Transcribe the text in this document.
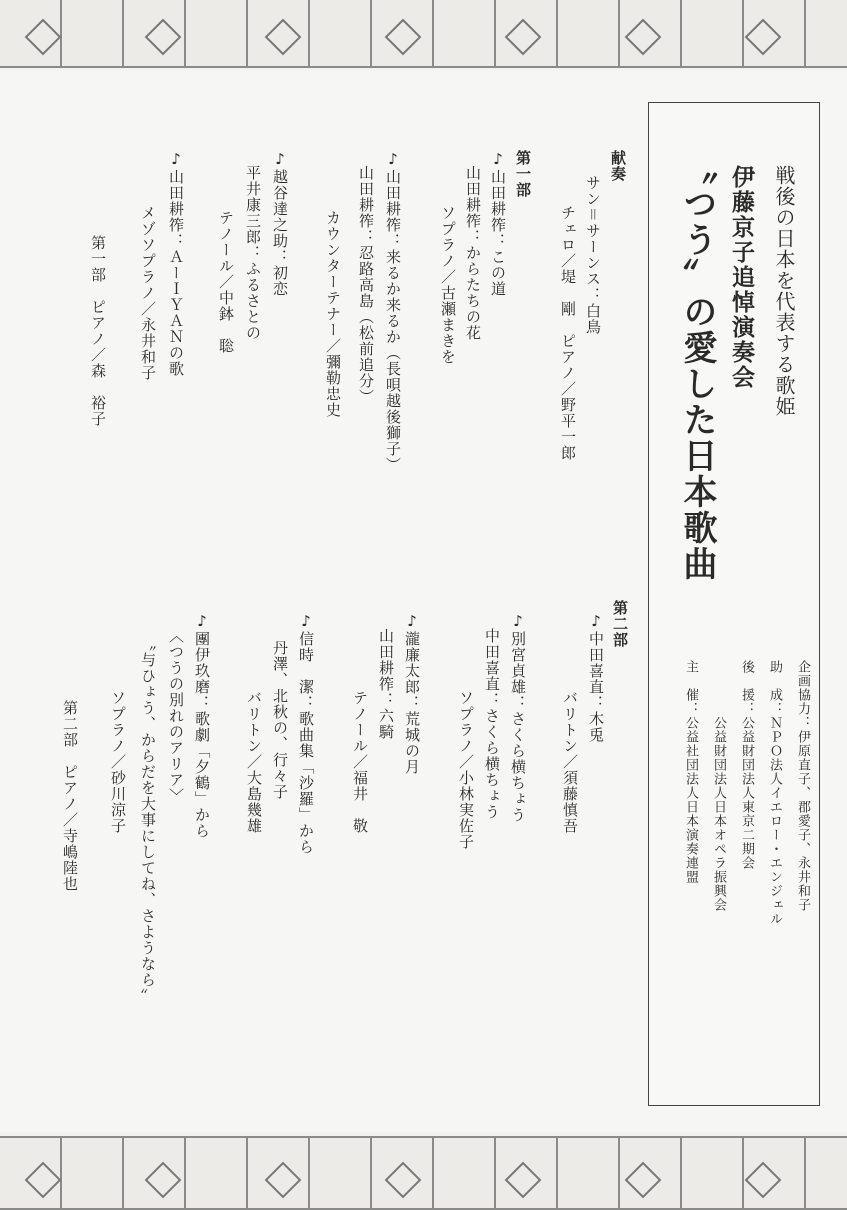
戦後の日本を代表する歌姫
伊藤京子追悼演奏会
〝つう〟の愛した日本歌曲
企画協力：伊原直子、郡愛子、永井和子
助　成：ＮＰＯ法人イエロー・エンジェル
後　援：公益財団法人東京二期会
　　　　公益財団法人日本オペラ振興会
主　催：公益社団法人日本演奏連盟
献奏
サン＝サーンス：白鳥
チェロ／堤　剛　ピアノ／野平一郎
第一部
♪山田耕筰：この道
山田耕筰：からたちの花
ソプラノ／古瀬まきを
♪山田耕筰：来るか来るか（長唄越後獅子）
山田耕筰：忍路高島（松前追分）
カウンターテナー／彌勒忠史
♪越谷達之助：初恋
平井康三郎：ふるさとの
テノール／中鉢　聡
♪山田耕筰：ＡーＩＹＡＮの歌
メゾソプラノ／永井和子
第一部　ピアノ／森　裕子
第二部
♪中田喜直：木兎
バリトン／須藤慎吾
♪別宮貞雄：さくら横ちょう
中田喜直：さくら横ちょう
ソプラノ／小林実佐子
♪瀧廉太郎：荒城の月
山田耕筰：六騎
テノール／福井　敬
♪信時　潔：歌曲集「沙羅」から
丹澤、北秋の、行々子
バリトン／大島幾雄
♪團伊玖磨：歌劇「夕鶴」から
〈つうの別れのアリア〉
〝与ひょう、からだを大事にしてね、さようなら〟
ソプラノ／砂川涼子
第二部　ピアノ／寺嶋陸也
